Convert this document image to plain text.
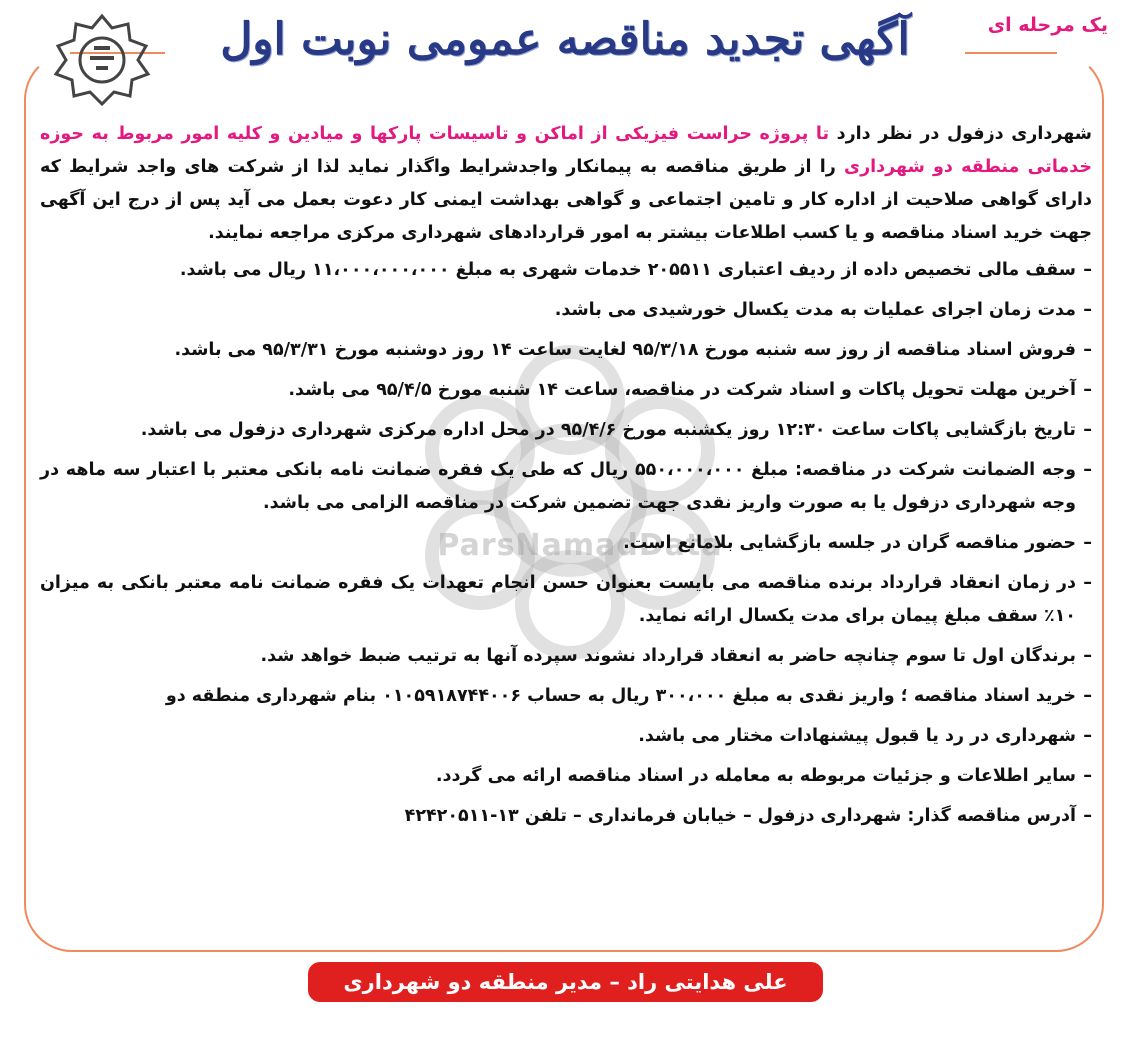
یک مرحله ای
آگهی تجدید مناقصه عمومی نوبت اول
ParsNamadData

شهرداری دزفول در نظر دارد تا پروژه حراست فیزیکی از اماکن و تاسیسات پارکها و میادین و کلیه امور مربوط به حوزه خدماتی منطقه دو شهرداری را از طریق مناقصه به پیمانکار واجدشرایط واگذار نماید لذا از شرکت های واجد شرایط که دارای گواهی صلاحیت از اداره کار و تامین اجتماعی و گواهی بهداشت ایمنی کار دعوت بعمل می آید پس از درج این آگهی جهت خرید اسناد مناقصه و یا کسب اطلاعات بیشتر به امور قراردادهای شهرداری مرکزی مراجعه نمایند.

– سقف مالی تخصیص داده از ردیف اعتباری ۲۰۵۵۱۱ خدمات شهری به مبلغ ۱۱،۰۰۰،۰۰۰،۰۰۰ ریال می باشد.
– مدت زمان اجرای عملیات به مدت یکسال خورشیدی می باشد.
– فروش اسناد مناقصه از روز سه شنبه مورخ ۹۵/۳/۱۸ لغایت ساعت ۱۴ روز دوشنبه مورخ ۹۵/۳/۳۱ می باشد.
– آخرین مهلت تحویل پاکات و اسناد شرکت در مناقصه، ساعت ۱۴ شنبه مورخ ۹۵/۴/۵ می باشد.
– تاریخ بازگشایی پاکات ساعت ۱۲:۳۰ روز یکشنبه مورخ ۹۵/۴/۶ در محل اداره مرکزی شهرداری دزفول می باشد.
– وجه الضمانت شرکت در مناقصه: مبلغ ۵۵۰،۰۰۰،۰۰۰ ریال که طی یک فقره ضمانت نامه بانکی معتبر با اعتبار سه ماهه در وجه شهرداری دزفول یا به صورت واریز نقدی جهت تضمین شرکت در مناقصه الزامی می باشد.
– حضور مناقصه گران در جلسه بازگشایی بلامانع است.
– در زمان انعقاد قرارداد برنده مناقصه می بایست بعنوان حسن انجام تعهدات یک فقره ضمانت نامه معتبر بانکی به میزان ۱۰٪ سقف مبلغ پیمان برای مدت یکسال ارائه نماید.
– برندگان اول تا سوم چنانچه حاضر به انعقاد قرارداد نشوند سپرده آنها به ترتیب ضبط خواهد شد.
– خرید اسناد مناقصه ؛ واریز نقدی به مبلغ ۳۰۰،۰۰۰ ریال به حساب ۰۱۰۵۹۱۸۷۴۴۰۰۶ بنام شهرداری منطقه دو
– شهرداری در رد یا قبول پیشنهادات مختار می باشد.
– سایر اطلاعات و جزئیات مربوطه به معامله در اسناد مناقصه ارائه می گردد.
– آدرس مناقصه گذار: شهرداری دزفول – خیابان فرمانداری – تلفن ۱۳-۴۲۴۲۰۵۱۱
علی هدایتی راد – مدیر منطقه دو شهرداری دزفول
